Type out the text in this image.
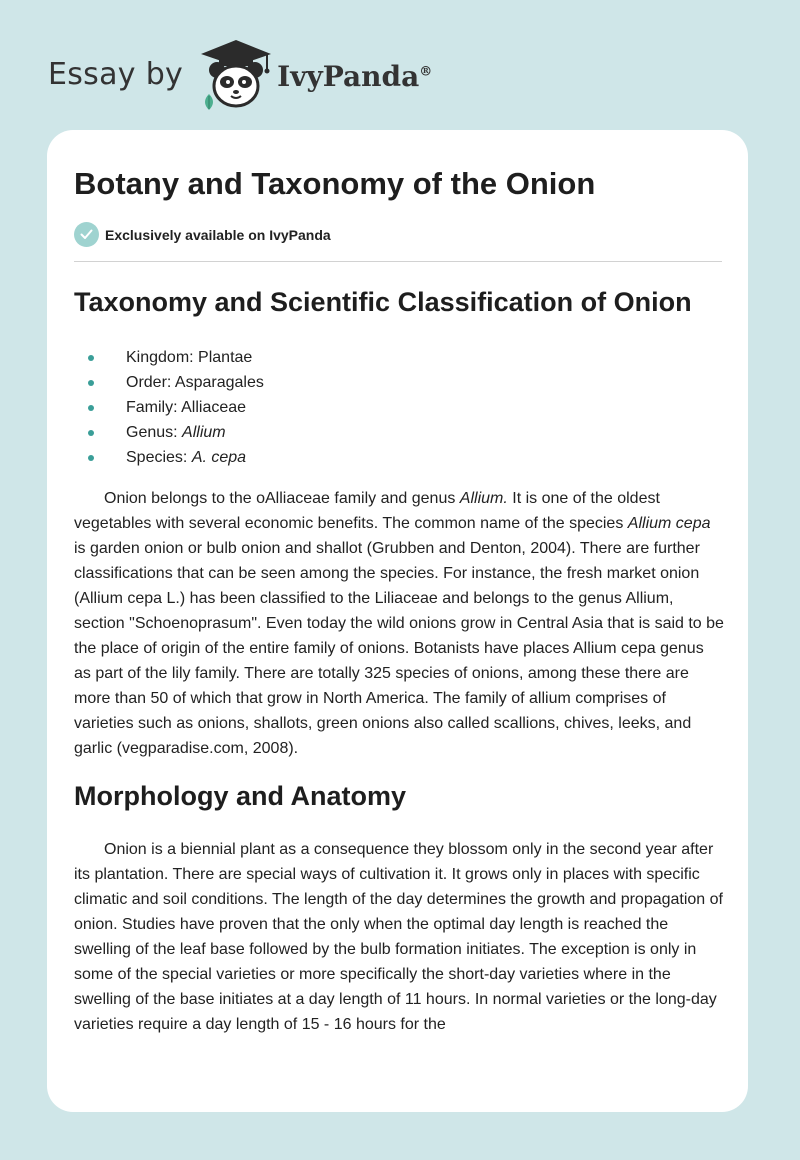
Essay by	IvyPanda®
Botany and Taxonomy of the Onion
Exclusively available on IvyPanda
Taxonomy and Scientific Classification of Onion
Kingdom: Plantae
Order: Asparagales
Family: Alliaceae
Genus: Allium
Species: A. cepa

Onion belongs to the oAlliaceae family and genus Allium. It is one of the oldest vegetables with several economic benefits. The common name of the species Allium cepa is garden onion or bulb onion and shallot (Grubben and Denton, 2004). There are further classifications that can be seen among the species. For instance, the fresh market onion (Allium cepa L.) has been classified to the Liliaceae and belongs to the genus Allium, section "Schoenoprasum". Even today the wild onions grow in Central Asia that is said to be the place of origin of the entire family of onions. Botanists have places Allium cepa genus as part of the lily family. There are totally 325 species of onions, among these there are more than 50 of which that grow in North America. The family of allium comprises of varieties such as onions, shallots, green onions also called scallions, chives, leeks, and garlic (vegparadise.com, 2008).

Morphology and Anatomy

Onion is a biennial plant as a consequence they blossom only in the second year after its plantation. There are special ways of cultivation it. It grows only in places with specific climatic and soil conditions. The length of the day determines the growth and propagation of onion. Studies have proven that the only when the optimal day length is reached the swelling of the leaf base followed by the bulb formation initiates. The exception is only in some of the special varieties or more specifically the short-day varieties where in the swelling of the base initiates at a day length of 11 hours. In normal varieties or the long-day varieties require a day length of 15 - 16 hours for the
